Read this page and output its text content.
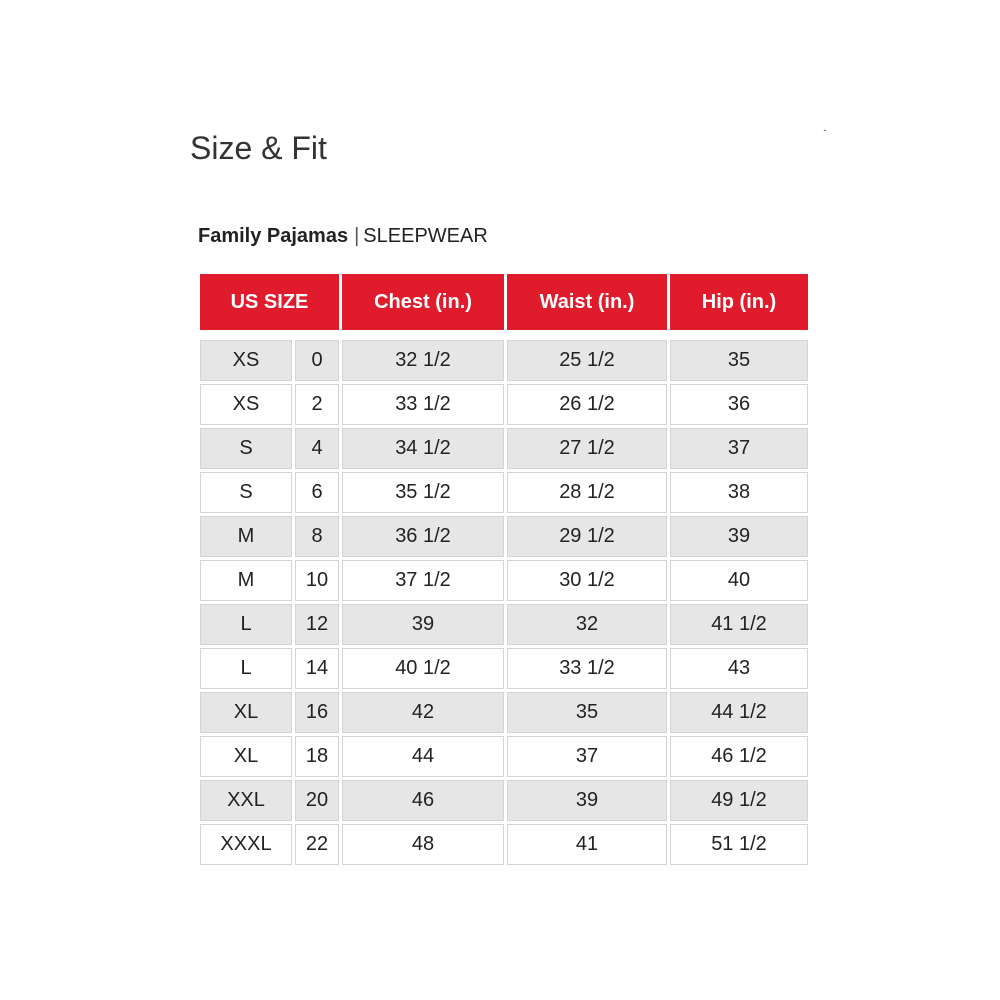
Size & Fit
ˎ
Family Pajamas | SLEEPWEAR
US SIZE		Chest (in.)	Waist (in.)	Hip (in.)

XS	0	32 1/2	25 1/2	35
XS	2	33 1/2	26 1/2	36
S	4	34 1/2	27 1/2	37
S	6	35 1/2	28 1/2	38
M	8	36 1/2	29 1/2	39
M	10	37 1/2	30 1/2	40
L	12	39	32	41 1/2
L	14	40 1/2	33 1/2	43
XL	16	42	35	44 1/2
XL	18	44	37	46 1/2
XXL	20	46	39	49 1/2
XXXL	22	48	41	51 1/2
